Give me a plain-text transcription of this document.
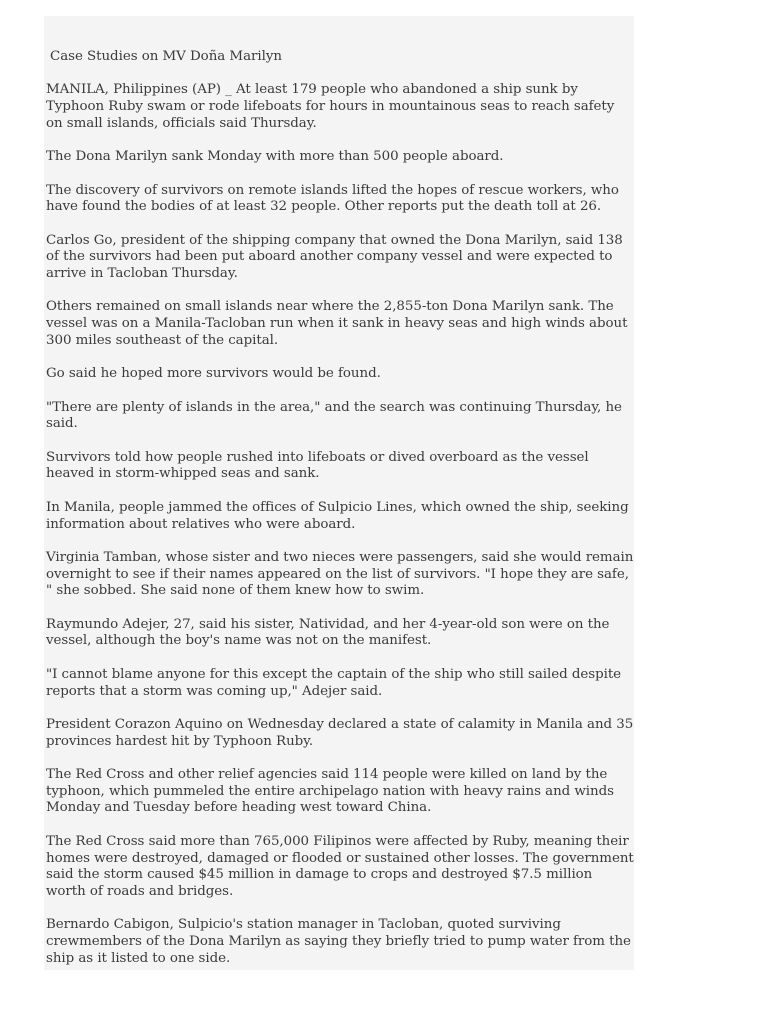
Case Studies on MV Doña Marilyn

MANILA, Philippines (AP) _ At least 179 people who abandoned a ship sunk by Typhoon Ruby swam or rode lifeboats for hours in mountainous seas to reach safety on small islands, officials said Thursday.

The Dona Marilyn sank Monday with more than 500 people aboard.

The discovery of survivors on remote islands lifted the hopes of rescue workers, who have found the bodies of at least 32 people. Other reports put the death toll at 26.

Carlos Go, president of the shipping company that owned the Dona Marilyn, said 138 of the survivors had been put aboard another company vessel and were expected to arrive in Tacloban Thursday.

Others remained on small islands near where the 2,855-ton Dona Marilyn sank. The vessel was on a Manila-Tacloban run when it sank in heavy seas and high winds about 300 miles southeast of the capital.

Go said he hoped more survivors would be found.

"There are plenty of islands in the area," and the search was continuing Thursday, he said.

Survivors told how people rushed into lifeboats or dived overboard as the vessel heaved in storm-whipped seas and sank.

In Manila, people jammed the offices of Sulpicio Lines, which owned the ship, seeking information about relatives who were aboard.

Virginia Tamban, whose sister and two nieces were passengers, said she would remain overnight to see if their names appeared on the list of survivors. "I hope they are safe, " she sobbed. She said none of them knew how to swim.

Raymundo Adejer, 27, said his sister, Natividad, and her 4-year-old son were on the vessel, although the boy's name was not on the manifest.

"I cannot blame anyone for this except the captain of the ship who still sailed despite reports that a storm was coming up," Adejer said.

President Corazon Aquino on Wednesday declared a state of calamity in Manila and 35 provinces hardest hit by Typhoon Ruby.

The Red Cross and other relief agencies said 114 people were killed on land by the typhoon, which pummeled the entire archipelago nation with heavy rains and winds Monday and Tuesday before heading west toward China.

The Red Cross said more than 765,000 Filipinos were affected by Ruby, meaning their homes were destroyed, damaged or flooded or sustained other losses. The government said the storm caused $45 million in damage to crops and destroyed $7.5 million worth of roads and bridges.

Bernardo Cabigon, Sulpicio's station manager in Tacloban, quoted surviving crewmembers of the Dona Marilyn as saying they briefly tried to pump water from the ship as it listed to one side.
